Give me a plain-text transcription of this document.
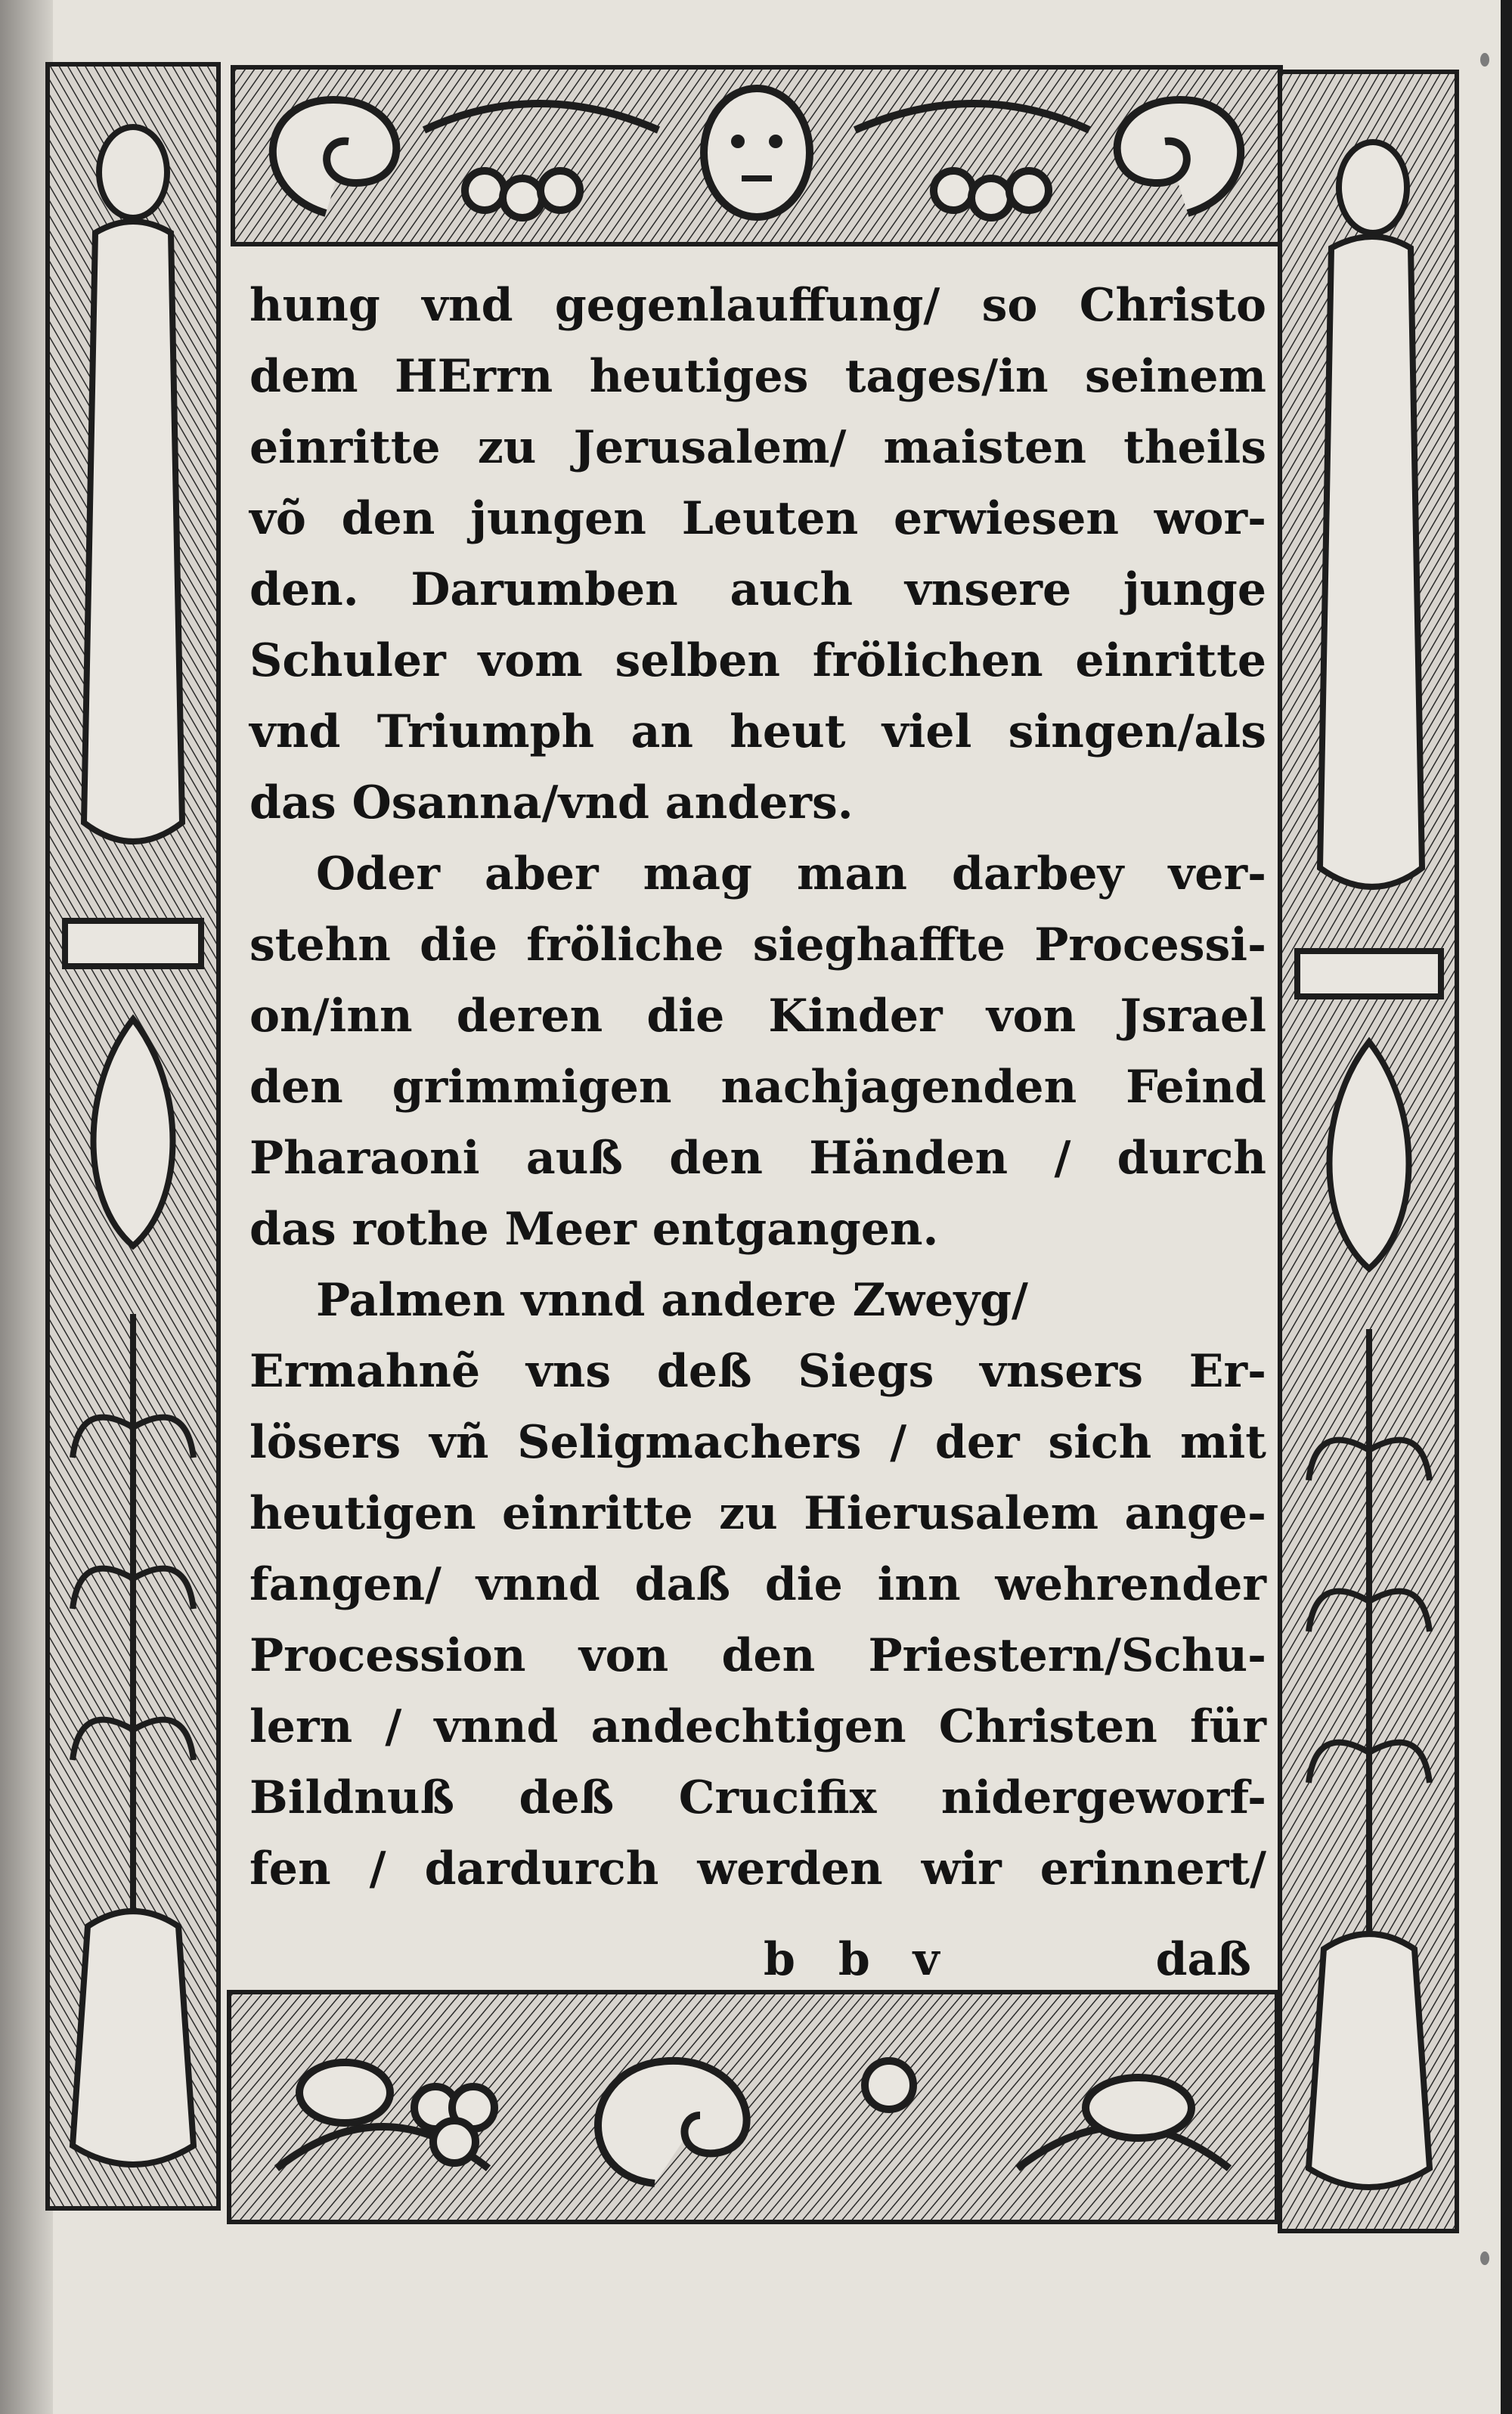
hung vnd gegenlauffung/ so Christo

dem HErrn heutiges tages/in seinem

einritte zu Jerusalem/ maisten theils

võ den jungen Leuten erwiesen wor-

den. Darumben auch vnsere junge

Schuler vom selben frölichen einritte

vnd Triumph an heut viel singen/als

das Osanna/vnd anders.

Oder aber mag man darbey ver-

stehn die fröliche sieghaffte Processi-

on/inn deren die Kinder von Jsrael

den grimmigen nachjagenden Feind

Pharaoni auß den Händen / durch

das rothe Meer entgangen.

Palmen vnnd andere Zweyg/

Ermahnẽ vns deß Siegs vnsers Er-

lösers vñ Seligmachers / der sich mit

heutigen einritte zu Hierusalem ange-

fangen/ vnnd daß die inn wehrender

Procession von den Priestern/Schu-

lern / vnnd andechtigen Christen für

Bildnuß deß Crucifix nidergeworf-

fen / dardurch werden wir erinnert/

b b v	daß
